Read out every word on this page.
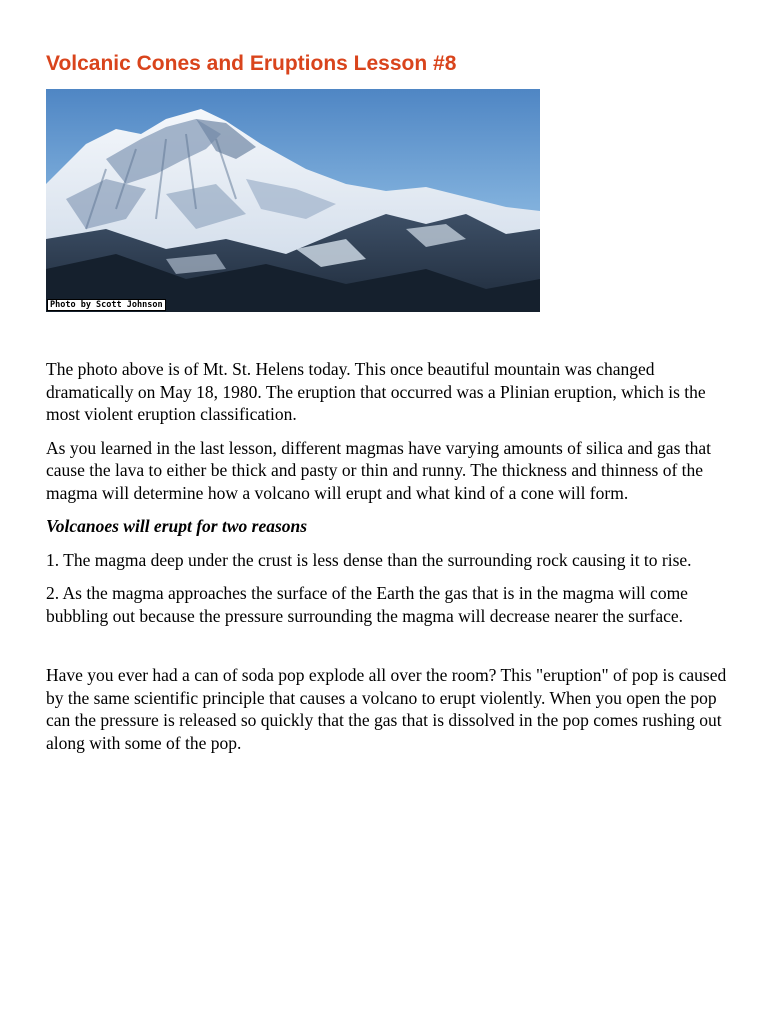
Volcanic Cones and Eruptions Lesson #8
Photo by Scott Johnson

The photo above is of Mt. St. Helens today. This once beautiful mountain was changed dramatically on May 18, 1980. The eruption that occurred was a Plinian eruption, which is the most violent eruption classification.

As you learned in the last lesson, different magmas have varying amounts of silica and gas that cause the lava to either be thick and pasty or thin and runny. The thickness and thinness of the magma will determine how a volcano will erupt and what kind of a cone will form.

Volcanoes will erupt for two reasons

1. The magma deep under the crust is less dense than the surrounding rock causing it to rise.

2. As the magma approaches the surface of the Earth the gas that is in the magma will come bubbling out because the pressure surrounding the magma will decrease nearer the surface.

Have you ever had a can of soda pop explode all over the room? This "eruption" of pop is caused by the same scientific principle that causes a volcano to erupt violently. When you open the pop can the pressure is released so quickly that the gas that is dissolved in the pop comes rushing out along with some of the pop.
